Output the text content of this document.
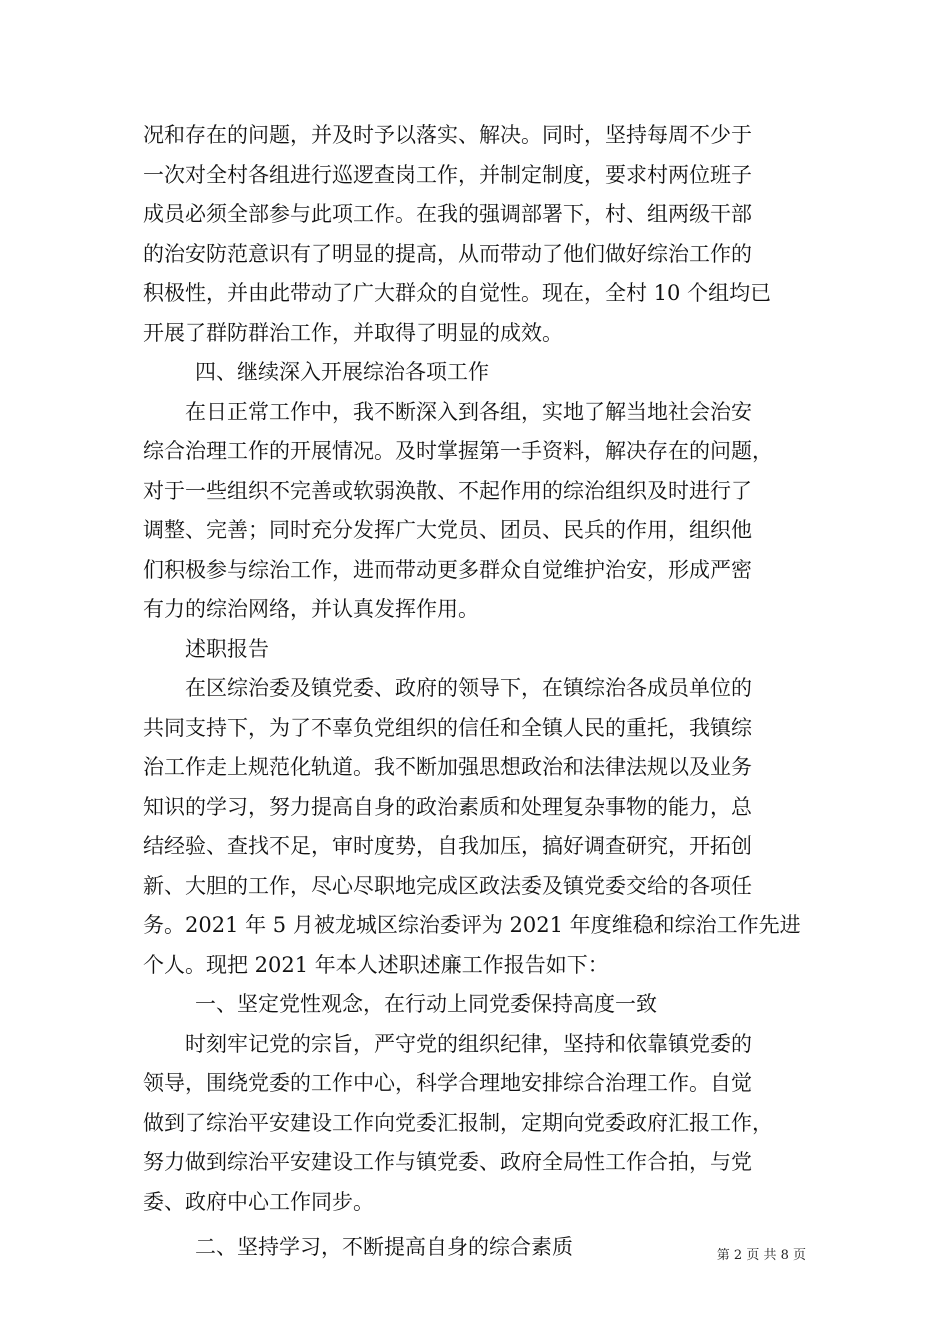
况和存在的问题，并及时予以落实、解决。同时，坚持每周不少于
一次对全村各组进行巡逻查岗工作，并制定制度，要求村两位班子
成员必须全部参与此项工作。在我的强调部署下，村、组两级干部
的治安防范意识有了明显的提高，从而带动了他们做好综治工作的
积极性，并由此带动了广大群众的自觉性。现在，全村 10 个组均已
开展了群防群治工作，并取得了明显的成效。
四、继续深入开展综治各项工作
在日正常工作中，我不断深入到各组，实地了解当地社会治安
综合治理工作的开展情况。及时掌握第一手资料，解决存在的问题，
对于一些组织不完善或软弱涣散、不起作用的综治组织及时进行了
调整、完善；同时充分发挥广大党员、团员、民兵的作用，组织他
们积极参与综治工作，进而带动更多群众自觉维护治安，形成严密
有力的综治网络，并认真发挥作用。
述职报告
在区综治委及镇党委、政府的领导下，在镇综治各成员单位的
共同支持下，为了不辜负党组织的信任和全镇人民的重托，我镇综
治工作走上规范化轨道。我不断加强思想政治和法律法规以及业务
知识的学习，努力提高自身的政治素质和处理复杂事物的能力，总
结经验、查找不足，审时度势，自我加压，搞好调查研究，开拓创
新、大胆的工作，尽心尽职地完成区政法委及镇党委交给的各项任
务。2021 年 5 月被龙城区综治委评为 2021 年度维稳和综治工作先进
个人。现把 2021 年本人述职述廉工作报告如下：
一、坚定党性观念，在行动上同党委保持高度一致
时刻牢记党的宗旨，严守党的组织纪律，坚持和依靠镇党委的
领导，围绕党委的工作中心，科学合理地安排综合治理工作。自觉
做到了综治平安建设工作向党委汇报制，定期向党委政府汇报工作，
努力做到综治平安建设工作与镇党委、政府全局性工作合拍，与党
委、政府中心工作同步。
二、坚持学习，不断提高自身的综合素质	第 2 页 共 8 页
